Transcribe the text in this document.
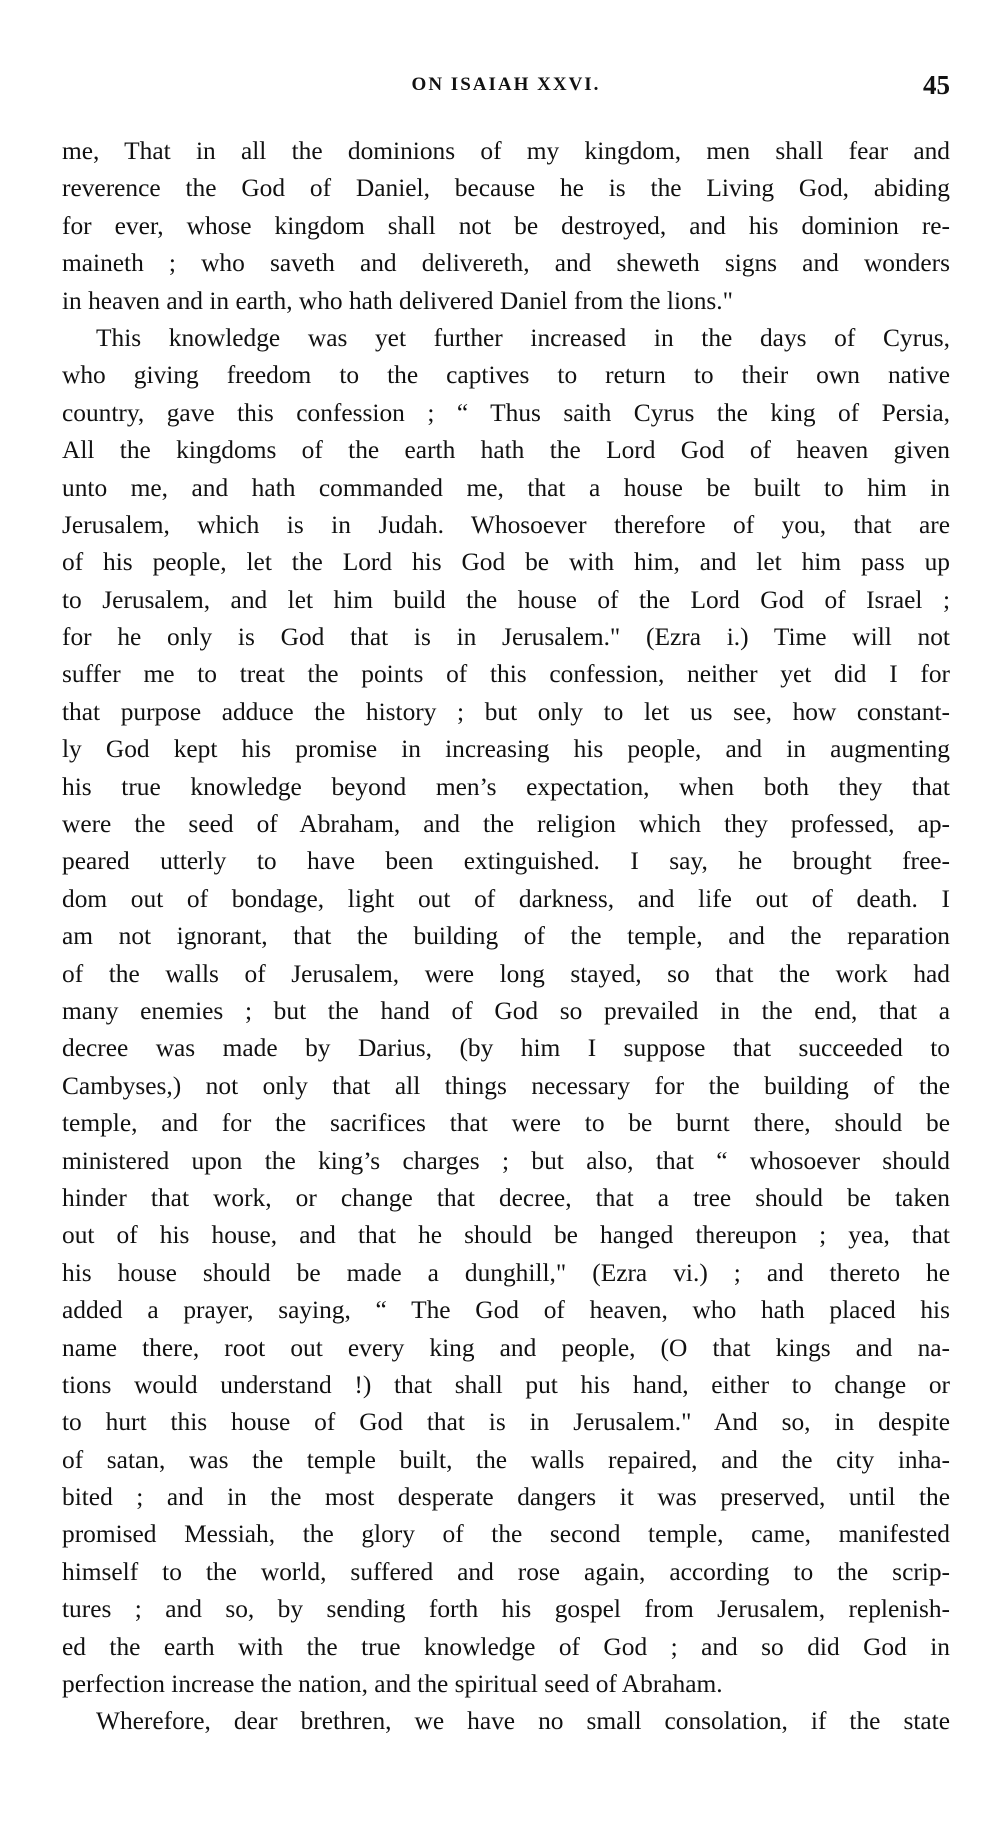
ON ISAIAH XXVI.	45
me, That in all the dominions of my kingdom, men shall fear and
reverence the God of Daniel, because he is the Living God, abiding
for ever, whose kingdom shall not be destroyed, and his dominion re-
maineth ; who saveth and delivereth, and sheweth signs and wonders
in heaven and in earth, who hath delivered Daniel from the lions."
This knowledge was yet further increased in the days of Cyrus,
who giving freedom to the captives to return to their own native
country, gave this confession ; “ Thus saith Cyrus the king of Persia,
All the kingdoms of the earth hath the Lord God of heaven given
unto me, and hath commanded me, that a house be built to him in
Jerusalem, which is in Judah. Whosoever therefore of you, that are
of his people, let the Lord his God be with him, and let him pass up
to Jerusalem, and let him build the house of the Lord God of Israel ;
for he only is God that is in Jerusalem." (Ezra i.) Time will not
suffer me to treat the points of this confession, neither yet did I for
that purpose adduce the history ; but only to let us see, how constant-
ly God kept his promise in increasing his people, and in augmenting
his true knowledge beyond men’s expectation, when both they that
were the seed of Abraham, and the religion which they professed, ap-
peared utterly to have been extinguished. I say, he brought free-
dom out of bondage, light out of darkness, and life out of death. I
am not ignorant, that the building of the temple, and the reparation
of the walls of Jerusalem, were long stayed, so that the work had
many enemies ; but the hand of God so prevailed in the end, that a
decree was made by Darius, (by him I suppose that succeeded to
Cambyses,) not only that all things necessary for the building of the
temple, and for the sacrifices that were to be burnt there, should be
ministered upon the king’s charges ; but also, that “ whosoever should
hinder that work, or change that decree, that a tree should be taken
out of his house, and that he should be hanged thereupon ; yea, that
his house should be made a dunghill," (Ezra vi.) ; and thereto he
added a prayer, saying, “ The God of heaven, who hath placed his
name there, root out every king and people, (O that kings and na-
tions would understand !) that shall put his hand, either to change or
to hurt this house of God that is in Jerusalem." And so, in despite
of satan, was the temple built, the walls repaired, and the city inha-
bited ; and in the most desperate dangers it was preserved, until the
promised Messiah, the glory of the second temple, came, manifested
himself to the world, suffered and rose again, according to the scrip-
tures ; and so, by sending forth his gospel from Jerusalem, replenish-
ed the earth with the true knowledge of God ; and so did God in
perfection increase the nation, and the spiritual seed of Abraham.
Wherefore, dear brethren, we have no small consolation, if the state
